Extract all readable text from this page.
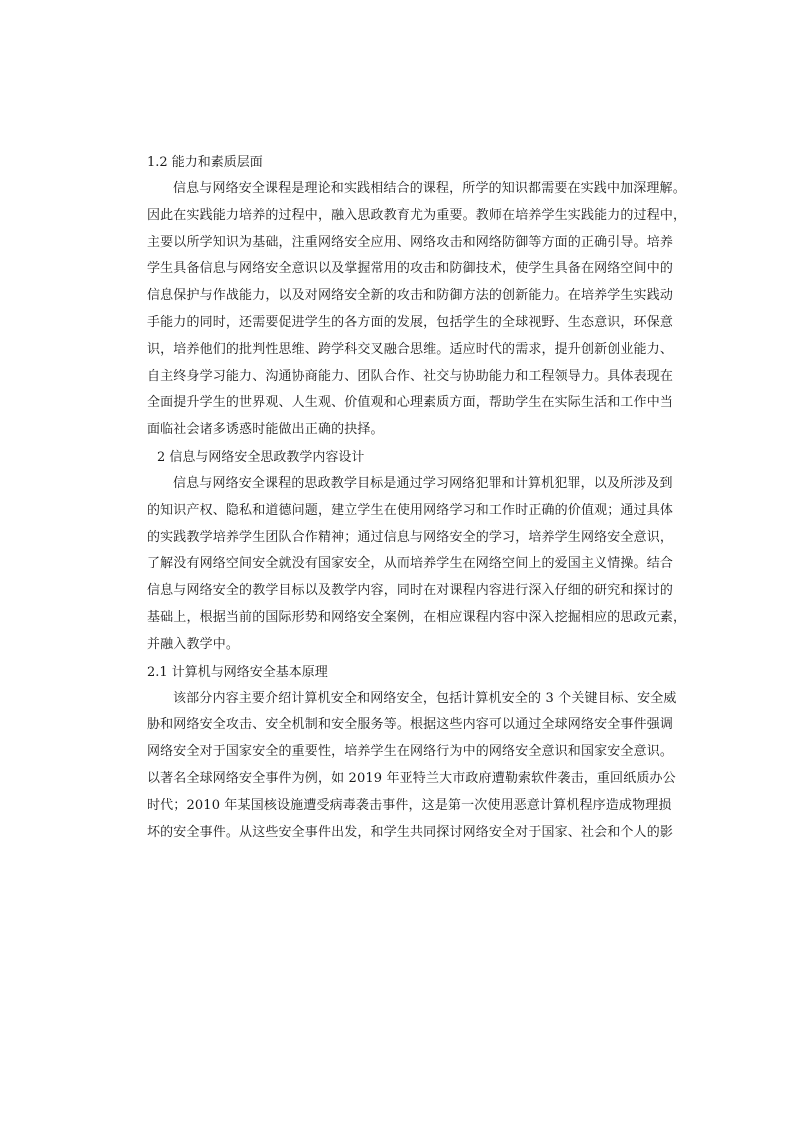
1.2 能力和素质层面
信息与网络安全课程是理论和实践相结合的课程，所学的知识都需要在实践中加深理解。
因此在实践能力培养的过程中，融入思政教育尤为重要。教师在培养学生实践能力的过程中，
主要以所学知识为基础，注重网络安全应用、网络攻击和网络防御等方面的正确引导。培养
学生具备信息与网络安全意识以及掌握常用的攻击和防御技术，使学生具备在网络空间中的
信息保护与作战能力，以及对网络安全新的攻击和防御方法的创新能力。在培养学生实践动
手能力的同时，还需要促进学生的各方面的发展，包括学生的全球视野、生态意识，环保意
识，培养他们的批判性思维、跨学科交叉融合思维。适应时代的需求，提升创新创业能力、
自主终身学习能力、沟通协商能力、团队合作、社交与协助能力和工程领导力。具体表现在
全面提升学生的世界观、人生观、价值观和心理素质方面，帮助学生在实际生活和工作中当
面临社会诸多诱惑时能做出正确的抉择。
2 信息与网络安全思政教学内容设计
信息与网络安全课程的思政教学目标是通过学习网络犯罪和计算机犯罪，以及所涉及到
的知识产权、隐私和道德问题，建立学生在使用网络学习和工作时正确的价值观；通过具体
的实践教学培养学生团队合作精神；通过信息与网络安全的学习，培养学生网络安全意识，
了解没有网络空间安全就没有国家安全，从而培养学生在网络空间上的爱国主义情操。结合
信息与网络安全的教学目标以及教学内容，同时在对课程内容进行深入仔细的研究和探讨的
基础上，根据当前的国际形势和网络安全案例，在相应课程内容中深入挖掘相应的思政元素，
并融入教学中。
2.1 计算机与网络安全基本原理
该部分内容主要介绍计算机安全和网络安全，包括计算机安全的 3 个关键目标、安全威
胁和网络安全攻击、安全机制和安全服务等。根据这些内容可以通过全球网络安全事件强调
网络安全对于国家安全的重要性，培养学生在网络行为中的网络安全意识和国家安全意识。
以著名全球网络安全事件为例，如 2019 年亚特兰大市政府遭勒索软件袭击，重回纸质办公
时代；2010 年某国核设施遭受病毒袭击事件，这是第一次使用恶意计算机程序造成物理损
坏的安全事件。从这些安全事件出发，和学生共同探讨网络安全对于国家、社会和个人的影
